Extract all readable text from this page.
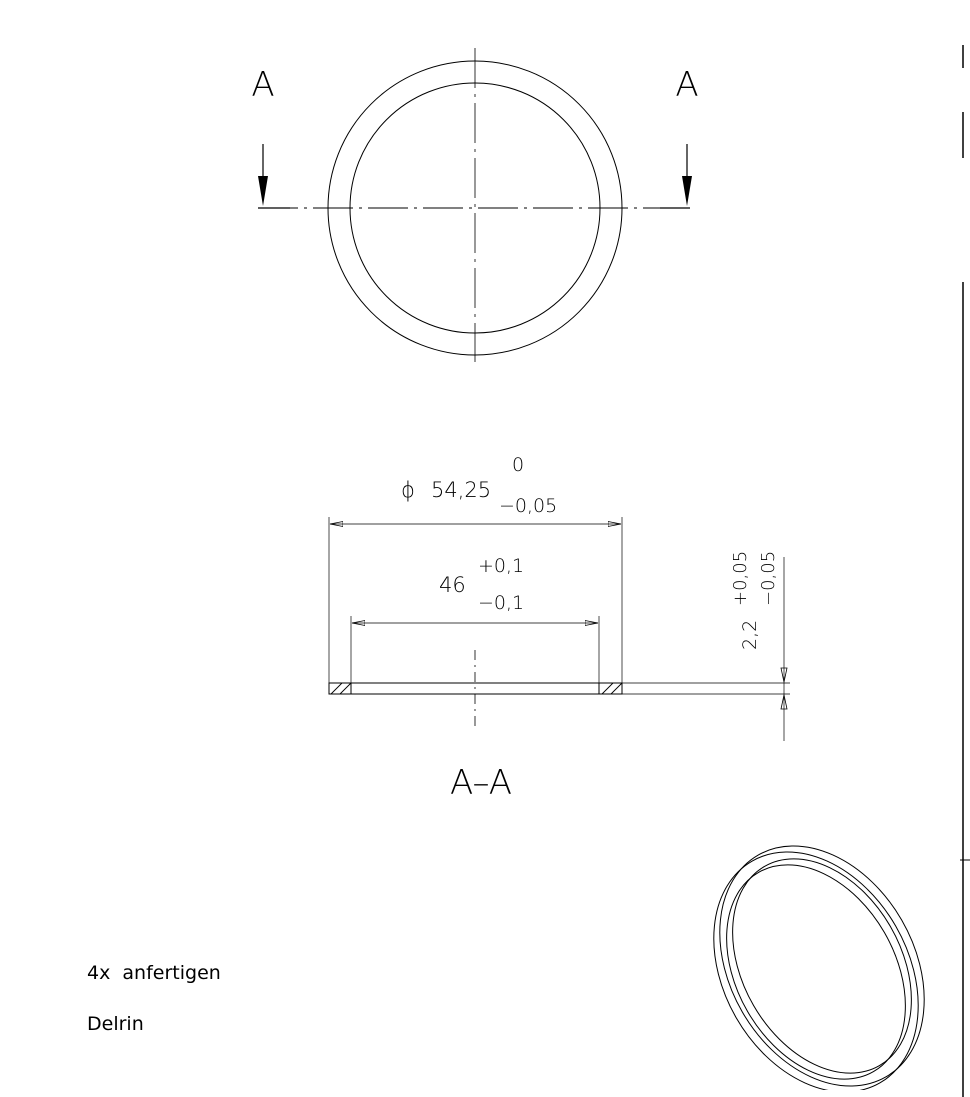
A	A
ϕ 54,25
0
−0,05
46
+0,1
−0,1
2,2
+0,05 −0,05
A–A
4x  anfertigen
Delrin
